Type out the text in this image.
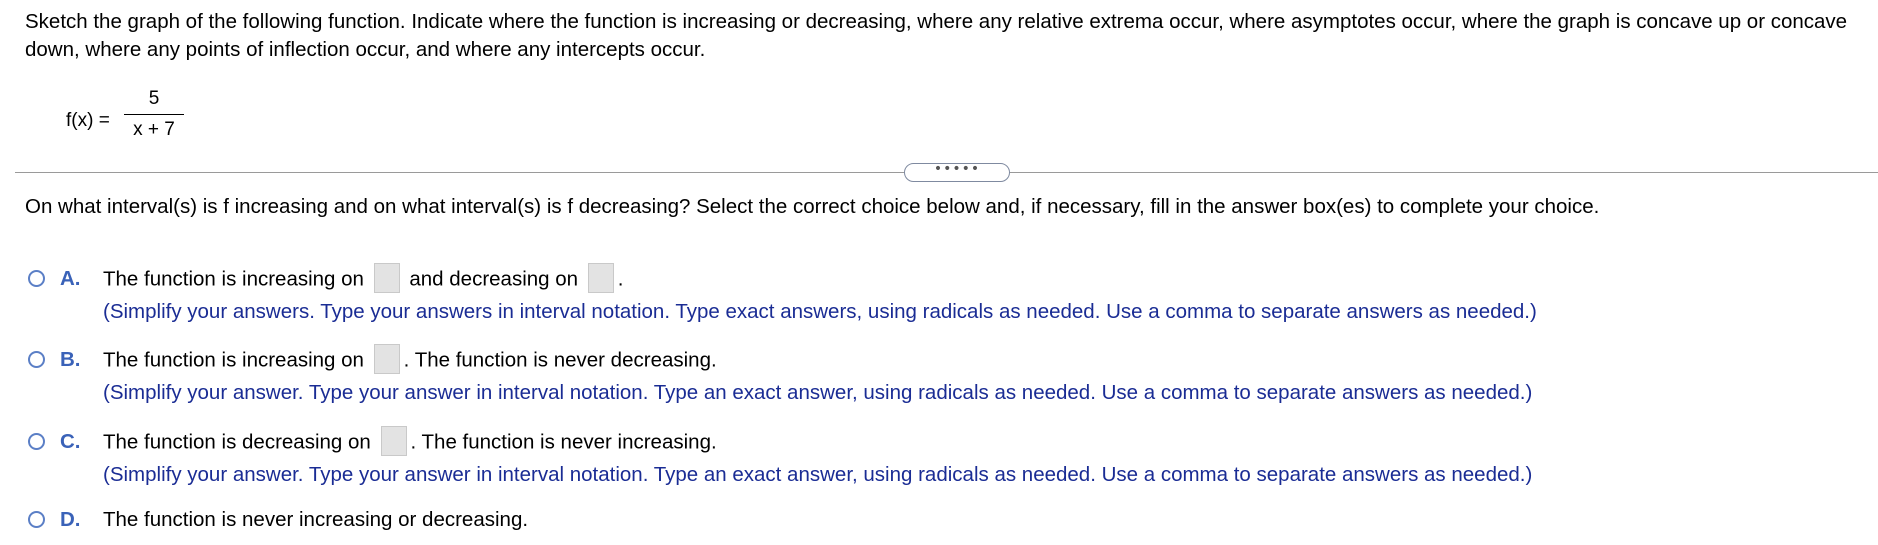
Sketch the graph of the following function. Indicate where the function is increasing or decreasing, where any relative extrema occur, where asymptotes occur, where the graph is concave up or concave down, where any points of inflection occur, and where any intercepts occur.
f(x) =
5
x + 7
•••••
On what interval(s) is f increasing and on what interval(s) is f decreasing? Select the correct choice below and, if necessary, fill in the answer box(es) to complete your choice.
A. The function is increasing on and decreasing on .
(Simplify your answers. Type your answers in interval notation. Type exact answers, using radicals as needed. Use a comma to separate answers as needed.)
B. The function is increasing on . The function is never decreasing.
(Simplify your answer. Type your answer in interval notation. Type an exact answer, using radicals as needed. Use a comma to separate answers as needed.)
C. The function is decreasing on . The function is never increasing.
(Simplify your answer. Type your answer in interval notation. Type an exact answer, using radicals as needed. Use a comma to separate answers as needed.)
D. The function is never increasing or decreasing.
